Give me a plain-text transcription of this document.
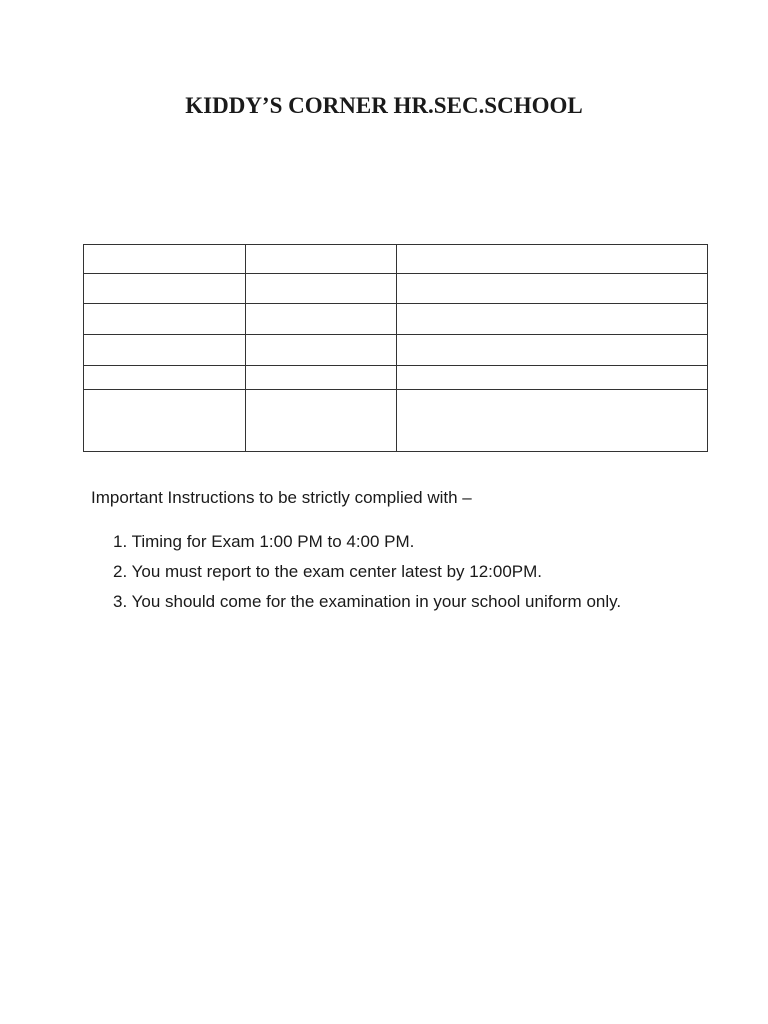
KIDDY’S CORNER HR.SEC.SCHOOL

Important Instructions to be strictly complied with –

1. Timing for Exam 1:00 PM to 4:00 PM.
2. You must report to the exam center latest by 12:00PM.
3. You should come for the examination in your school uniform only.
